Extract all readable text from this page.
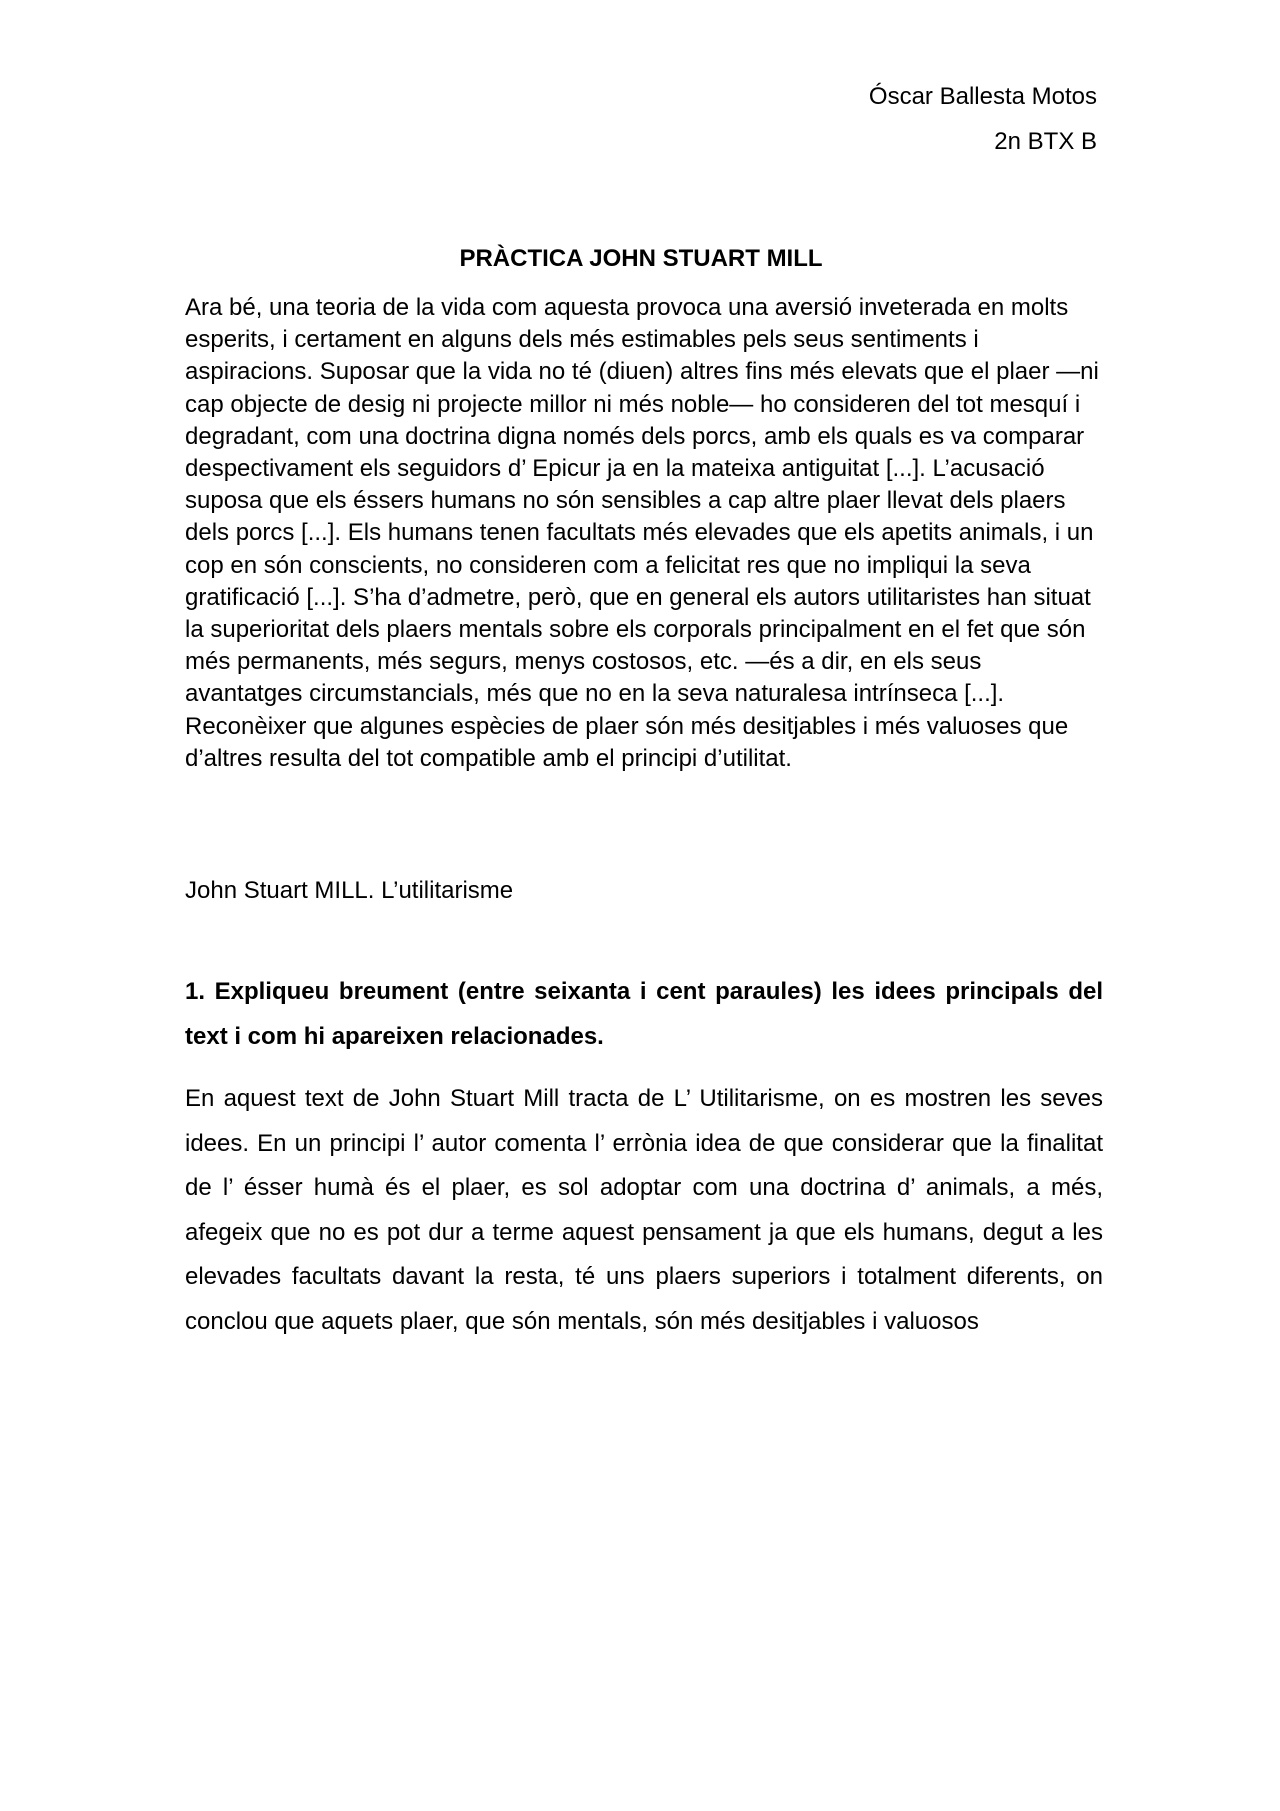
Óscar Ballesta Motos
2n BTX B
PRÀCTICA JOHN STUART MILL

Ara bé, una teoria de la vida com aquesta provoca una aversió inveterada en molts esperits, i certament en alguns dels més estimables pels seus sentiments i aspiracions. Suposar que la vida no té (diuen) altres fins més elevats que el plaer —ni cap objecte de desig ni projecte millor ni més noble— ho consideren del tot mesquí i degradant, com una doctrina digna només dels porcs, amb els quals es va comparar despectivament els seguidors d’ Epicur ja en la mateixa antiguitat [...]. L’acusació suposa que els éssers humans no són sensibles a cap altre plaer llevat dels plaers dels porcs [...]. Els humans tenen facultats més elevades que els apetits animals, i un cop en són conscients, no consideren com a felicitat res que no impliqui la seva gratificació [...]. S’ha d’admetre, però, que en general els autors utilitaristes han situat la superioritat dels plaers mentals sobre els corporals principalment en el fet que són més permanents, més segurs, menys costosos, etc. —és a dir, en els seus avantatges circumstancials, més que no en la seva naturalesa intrínseca [...]. Reconèixer que algunes espècies de plaer són més desitjables i més valuoses que d’altres resulta del tot compatible amb el principi d’utilitat.

John Stuart MILL. L’utilitarisme

1. Expliqueu breument (entre seixanta i cent paraules) les idees principals del text i com hi apareixen relacionades.

En aquest text de John Stuart Mill tracta de L’ Utilitarisme, on es mostren les seves idees. En un principi l’ autor comenta l’ errònia idea de que considerar que la finalitat de l’ ésser humà és el plaer, es sol adoptar com una doctrina d’ animals, a més, afegeix que no es pot dur a terme aquest pensament ja que els humans, degut a les elevades facultats davant la resta, té uns plaers superiors i totalment diferents, on conclou que aquets plaer, que són mentals, són més desitjables i valuosos
